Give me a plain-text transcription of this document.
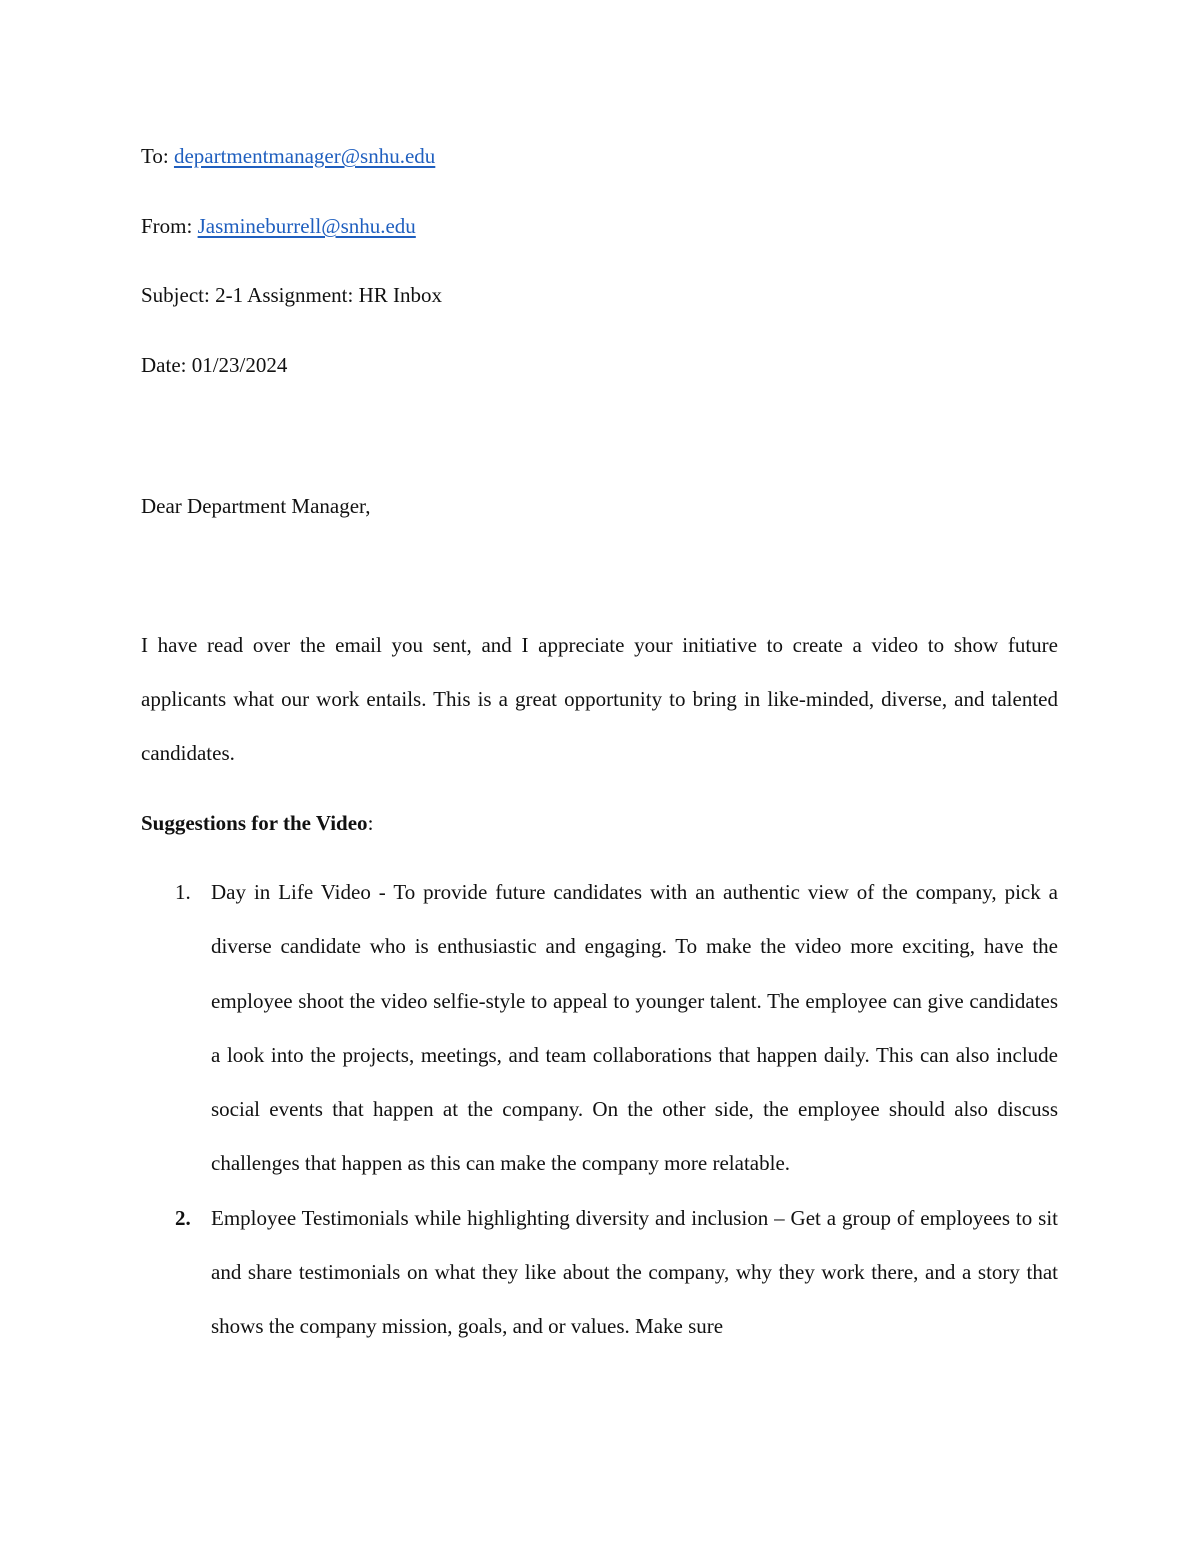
To: departmentmanager@snhu.edu
From: Jasmineburrell@snhu.edu
Subject: 2-1 Assignment: HR Inbox
Date: 01/23/2024
Dear Department Manager,

I have read over the email you sent, and I appreciate your initiative to create a video to show future applicants what our work entails. This is a great opportunity to bring in like-minded, diverse, and talented candidates.

Suggestions for the Video:
1. Day in Life Video - To provide future candidates with an authentic view of the company, pick a diverse candidate who is enthusiastic and engaging. To make the video more exciting, have the employee shoot the video selfie-style to appeal to younger talent. The employee can give candidates a look into the projects, meetings, and team collaborations that happen daily. This can also include social events that happen at the company. On the other side, the employee should also discuss challenges that happen as this can make the company more relatable.
2. Employee Testimonials while highlighting diversity and inclusion – Get a group of employees to sit and share testimonials on what they like about the company, why they work there, and a story that shows the company mission, goals, and or values. Make sure
